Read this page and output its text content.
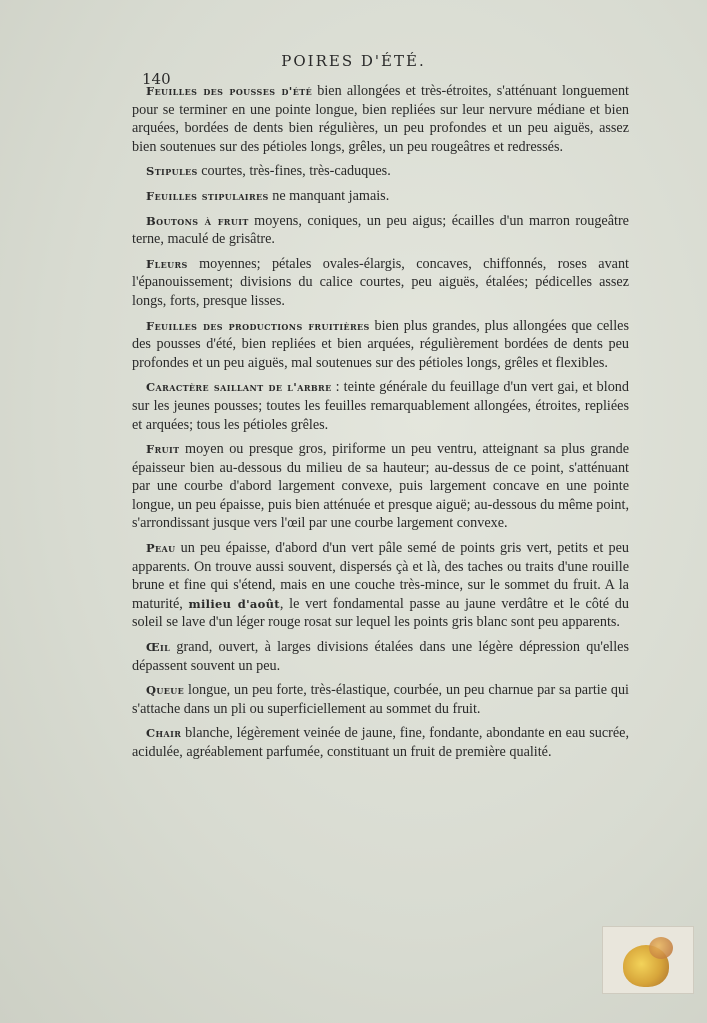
POIRES D'ÉTÉ.
140

Feuilles des pousses d'été bien allongées et très-étroites, s'atténuant longuement pour se terminer en une pointe longue, bien repliées sur leur nervure médiane et bien arquées, bordées de dents bien régulières, un peu profondes et un peu aiguës, assez bien soutenues sur des pétioles longs, grêles, un peu rougeâtres et redressés.

Stipules courtes, très-fines, très-caduques.

Feuilles stipulaires ne manquant jamais.

Boutons à fruit moyens, coniques, un peu aigus; écailles d'un marron rougeâtre terne, maculé de grisâtre.

Fleurs moyennes; pétales ovales-élargis, concaves, chiffonnés, roses avant l'épanouissement; divisions du calice courtes, peu aiguës, étalées; pédicelles assez longs, forts, presque lisses.

Feuilles des productions fruitières bien plus grandes, plus allongées que celles des pousses d'été, bien repliées et bien arquées, régulièrement bordées de dents peu profondes et un peu aiguës, mal soutenues sur des pétioles longs, grêles et flexibles.

Caractère saillant de l'arbre : teinte générale du feuillage d'un vert gai, et blond sur les jeunes pousses; toutes les feuilles remarquablement allongées, étroites, repliées et arquées; tous les pétioles grêles.

Fruit moyen ou presque gros, piriforme un peu ventru, atteignant sa plus grande épaisseur bien au-dessous du milieu de sa hauteur; au-dessus de ce point, s'atténuant par une courbe d'abord largement convexe, puis largement concave en une pointe longue, un peu épaisse, puis bien atténuée et presque aiguë; au-dessous du même point, s'arrondissant jusque vers l'œil par une courbe largement convexe.

Peau un peu épaisse, d'abord d'un vert pâle semé de points gris vert, petits et peu apparents. On trouve aussi souvent, dispersés çà et là, des taches ou traits d'une rouille brune et fine qui s'étend, mais en une couche très-mince, sur le sommet du fruit. A la maturité, milieu d'août, le vert fondamental passe au jaune verdâtre et le côté du soleil se lave d'un léger rouge rosat sur lequel les points gris blanc sont peu apparents.

Œil grand, ouvert, à larges divisions étalées dans une légère dépression qu'elles dépassent souvent un peu.

Queue longue, un peu forte, très-élastique, courbée, un peu charnue par sa partie qui s'attache dans un pli ou superficiellement au sommet du fruit.

Chair blanche, légèrement veinée de jaune, fine, fondante, abondante en eau sucrée, acidulée, agréablement parfumée, constituant un fruit de première qualité.
